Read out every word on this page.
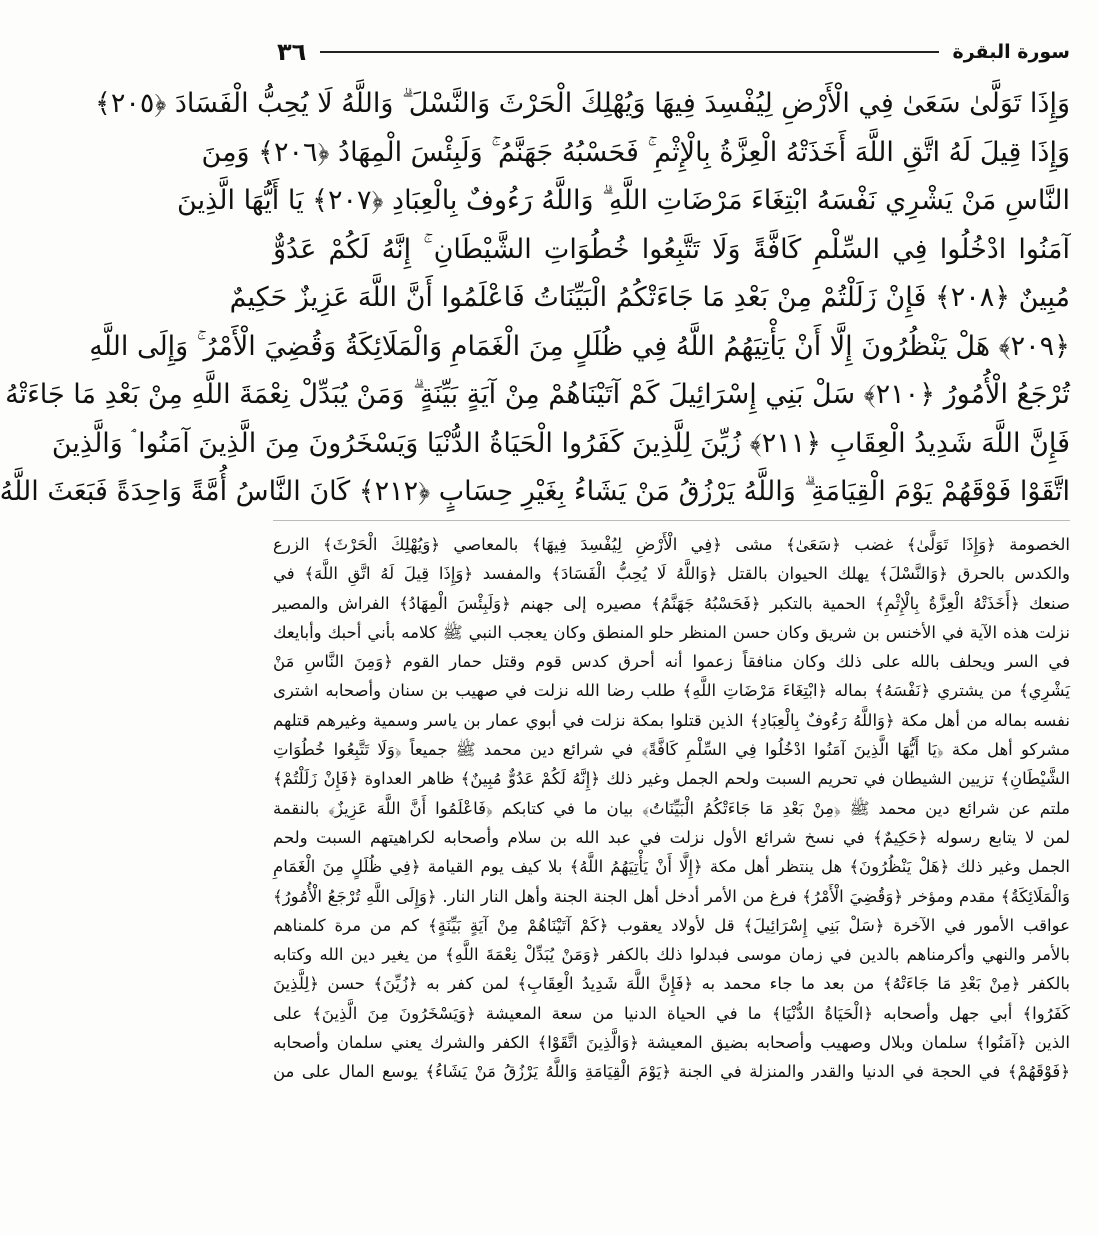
سورة البقرة
٣٦
وَإِذَا تَوَلَّىٰ سَعَىٰ فِي الْأَرْضِ لِيُفْسِدَ فِيهَا وَيُهْلِكَ الْحَرْثَ وَالنَّسْلَ ۗ وَاللَّهُ لَا يُحِبُّ الْفَسَادَ ﴿٢٠٥﴾
وَإِذَا قِيلَ لَهُ اتَّقِ اللَّهَ أَخَذَتْهُ الْعِزَّةُ بِالْإِثْمِ ۚ فَحَسْبُهُ جَهَنَّمُ ۚ وَلَبِئْسَ الْمِهَادُ ﴿٢٠٦﴾ وَمِنَ
النَّاسِ مَنْ يَشْرِي نَفْسَهُ ابْتِغَاءَ مَرْضَاتِ اللَّهِ ۗ وَاللَّهُ رَءُوفٌ بِالْعِبَادِ ﴿٢٠٧﴾ يَا أَيُّهَا الَّذِينَ
آمَنُوا ادْخُلُوا فِي السِّلْمِ كَافَّةً وَلَا تَتَّبِعُوا خُطُوَاتِ الشَّيْطَانِ ۚ إِنَّهُ لَكُمْ عَدُوٌّ
مُبِينٌ ﴿٢٠٨﴾ فَإِنْ زَلَلْتُمْ مِنْ بَعْدِ مَا جَاءَتْكُمُ الْبَيِّنَاتُ فَاعْلَمُوا أَنَّ اللَّهَ عَزِيزٌ حَكِيمٌ
﴿٢٠٩﴾ هَلْ يَنْظُرُونَ إِلَّا أَنْ يَأْتِيَهُمُ اللَّهُ فِي ظُلَلٍ مِنَ الْغَمَامِ وَالْمَلَائِكَةُ وَقُضِيَ الْأَمْرُ ۚ وَإِلَى اللَّهِ
تُرْجَعُ الْأُمُورُ ﴿٢١٠﴾ سَلْ بَنِي إِسْرَائِيلَ كَمْ آتَيْنَاهُمْ مِنْ آيَةٍ بَيِّنَةٍ ۗ وَمَنْ يُبَدِّلْ نِعْمَةَ اللَّهِ مِنْ بَعْدِ مَا جَاءَتْهُ
فَإِنَّ اللَّهَ شَدِيدُ الْعِقَابِ ﴿٢١١﴾ زُيِّنَ لِلَّذِينَ كَفَرُوا الْحَيَاةُ الدُّنْيَا وَيَسْخَرُونَ مِنَ الَّذِينَ آمَنُوا ۘ وَالَّذِينَ
اتَّقَوْا فَوْقَهُمْ يَوْمَ الْقِيَامَةِ ۗ وَاللَّهُ يَرْزُقُ مَنْ يَشَاءُ بِغَيْرِ حِسَابٍ ﴿٢١٢﴾ كَانَ النَّاسُ أُمَّةً وَاحِدَةً فَبَعَثَ اللَّهُ
الخصومة ﴿وَإِذَا تَوَلَّىٰ﴾ غضب ﴿سَعَىٰ﴾ مشى ﴿فِي الْأَرْضِ لِيُفْسِدَ فِيهَا﴾ بالمعاصي ﴿وَيُهْلِكَ الْحَرْثَ﴾ الزرع
والكدس بالحرق ﴿وَالنَّسْلَ﴾ يهلك الحيوان بالقتل ﴿وَاللَّهُ لَا يُحِبُّ الْفَسَادَ﴾ والمفسد ﴿وَإِذَا قِيلَ لَهُ اتَّقِ اللَّهَ﴾ في
صنعك ﴿أَخَذَتْهُ الْعِزَّةُ بِالْإِثْمِ﴾ الحمية بالتكبر ﴿فَحَسْبُهُ جَهَنَّمُ﴾ مصيره إلى جهنم ﴿وَلَبِئْسَ الْمِهَادُ﴾ الفراش والمصير
نزلت هذه الآية في الأخنس بن شريق وكان حسن المنظر حلو المنطق وكان يعجب النبي ﷺ كلامه بأني أحبك وأبايعك
في السر ويحلف بالله على ذلك وكان منافقاً زعموا أنه أحرق كدس قوم وقتل حمار القوم ﴿وَمِنَ النَّاسِ مَنْ
يَشْرِي﴾ من يشتري ﴿نَفْسَهُ﴾ بماله ﴿ابْتِغَاءَ مَرْضَاتِ اللَّهِ﴾ طلب رضا الله نزلت في صهيب بن سنان وأصحابه اشترى
نفسه بماله من أهل مكة ﴿وَاللَّهُ رَءُوفٌ بِالْعِبَادِ﴾ الذين قتلوا بمكة نزلت في أبوي عمار بن ياسر وسمية وغيرهم قتلهم
مشركو أهل مكة ﴿يَا أَيُّهَا الَّذِينَ آمَنُوا ادْخُلُوا فِي السِّلْمِ كَافَّةً﴾ في شرائع دين محمد ﷺ جميعاً ﴿وَلَا تَتَّبِعُوا خُطُوَاتِ
الشَّيْطَانِ﴾ تزيين الشيطان في تحريم السبت ولحم الجمل وغير ذلك ﴿إِنَّهُ لَكُمْ عَدُوٌّ مُبِينٌ﴾ ظاهر العداوة ﴿فَإِنْ زَلَلْتُمْ﴾
ملتم عن شرائع دين محمد ﷺ ﴿مِنْ بَعْدِ مَا جَاءَتْكُمُ الْبَيِّنَاتُ﴾ بيان ما في كتابكم ﴿فَاعْلَمُوا أَنَّ اللَّهَ عَزِيزٌ﴾ بالنقمة
لمن لا يتابع رسوله ﴿حَكِيمٌ﴾ في نسخ شرائع الأول نزلت في عبد الله بن سلام وأصحابه لكراهيتهم السبت ولحم
الجمل وغير ذلك ﴿هَلْ يَنْظُرُونَ﴾ هل ينتظر أهل مكة ﴿إِلَّا أَنْ يَأْتِيَهُمُ اللَّهُ﴾ بلا كيف يوم القيامة ﴿فِي ظُلَلٍ مِنَ الْغَمَامِ
وَالْمَلَائِكَةُ﴾ مقدم ومؤخر ﴿وَقُضِيَ الْأَمْرُ﴾ فرغ من الأمر أدخل أهل الجنة الجنة وأهل النار النار. ﴿وَإِلَى اللَّهِ تُرْجَعُ الْأُمُورُ﴾
عواقب الأمور في الآخرة ﴿سَلْ بَنِي إِسْرَائِيلَ﴾ قل لأولاد يعقوب ﴿كَمْ آتَيْنَاهُمْ مِنْ آيَةٍ بَيِّنَةٍ﴾ كم من مرة كلمناهم
بالأمر والنهي وأكرمناهم بالدين في زمان موسى فبدلوا ذلك بالكفر ﴿وَمَنْ يُبَدِّلْ نِعْمَةَ اللَّهِ﴾ من يغير دين الله وكتابه
بالكفر ﴿مِنْ بَعْدِ مَا جَاءَتْهُ﴾ من بعد ما جاء محمد به ﴿فَإِنَّ اللَّهَ شَدِيدُ الْعِقَابِ﴾ لمن كفر به ﴿زُيِّنَ﴾ حسن ﴿لِلَّذِينَ
كَفَرُوا﴾ أبي جهل وأصحابه ﴿الْحَيَاةُ الدُّنْيَا﴾ ما في الحياة الدنيا من سعة المعيشة ﴿وَيَسْخَرُونَ مِنَ الَّذِينَ﴾ على
الذين ﴿آمَنُوا﴾ سلمان وبلال وصهيب وأصحابه بضيق المعيشة ﴿وَالَّذِينَ اتَّقَوْا﴾ الكفر والشرك يعني سلمان وأصحابه
﴿فَوْقَهُمْ﴾ في الحجة في الدنيا والقدر والمنزلة في الجنة ﴿يَوْمَ الْقِيَامَةِ وَاللَّهُ يَرْزُقُ مَنْ يَشَاءُ﴾ يوسع المال على من
